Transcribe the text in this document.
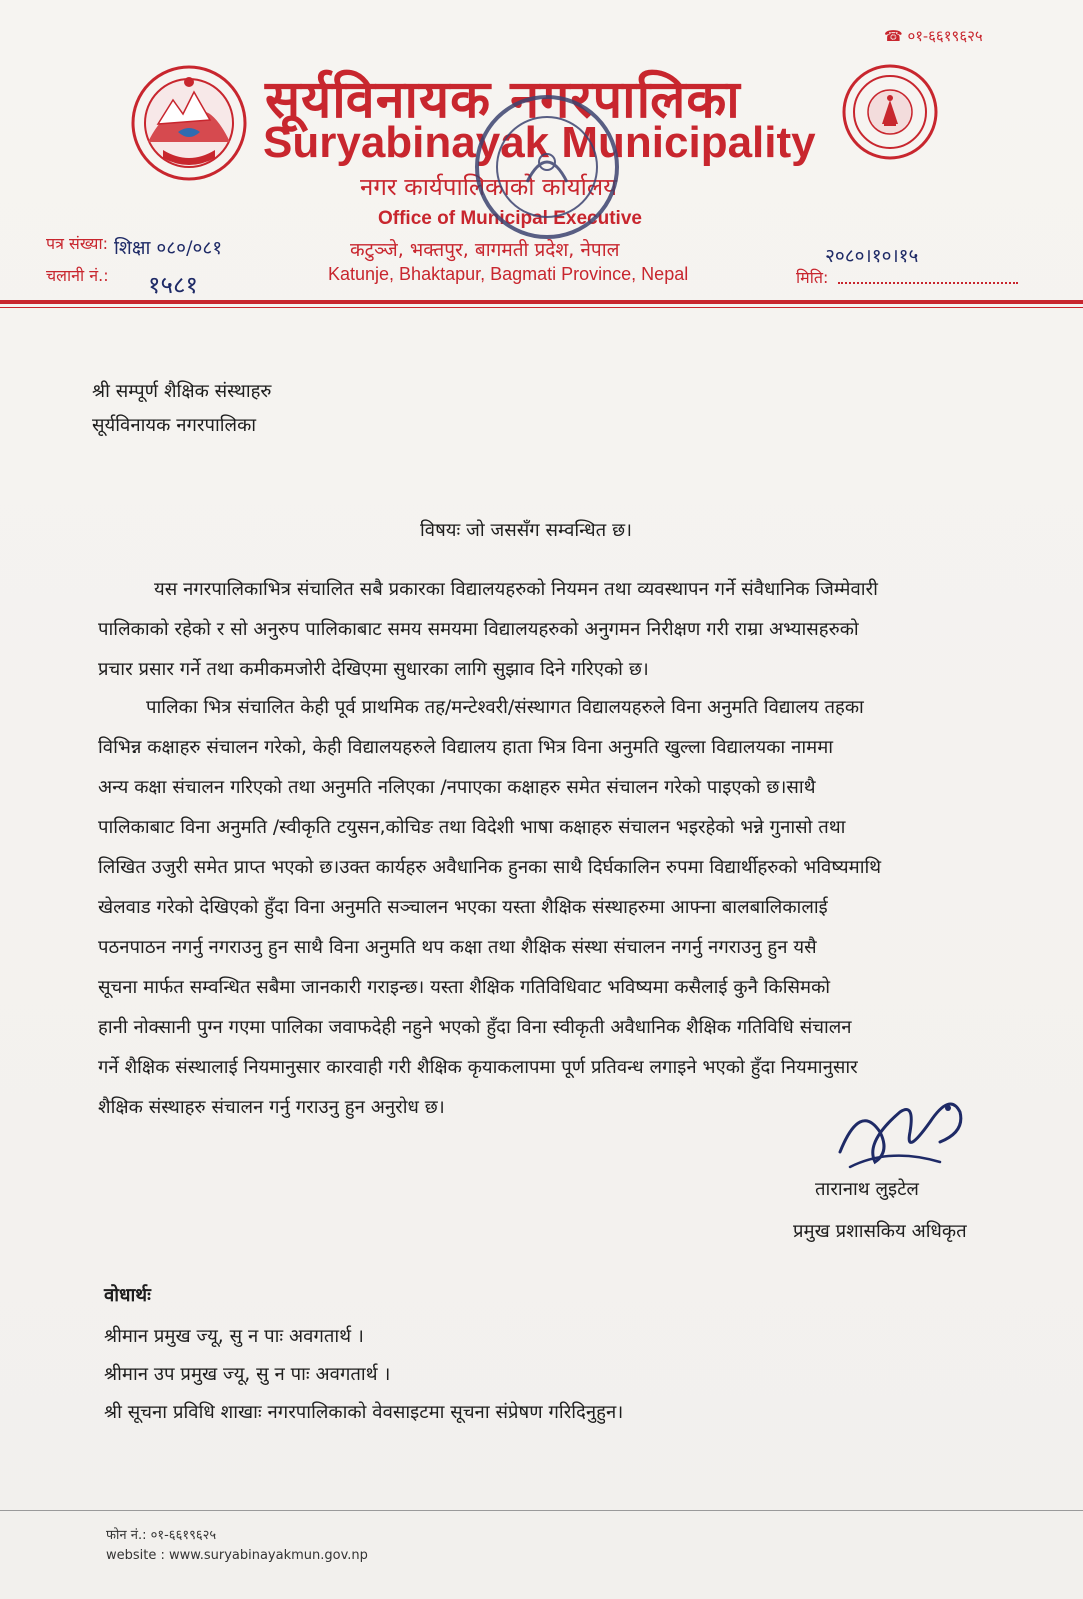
☎ ०१-६६१९६२५
सूर्यविनायक नगरपालिका
Suryabinayak Municipality
नगर कार्यपालिकाको कार्यालय
Office of Municipal Executive
कटुञ्जे, भक्तपुर, बागमती प्रदेश, नेपाल
Katunje, Bhaktapur, Bagmati Province, Nepal
पत्र संख्या: शिक्षा ०८०/०८१
चलानी नं.: १५८१
२०८०।१०।१५
मिति:
श्री सम्पूर्ण शैक्षिक संस्थाहरु
सूर्यविनायक नगरपालिका
विषयः जो जससँग सम्वन्धित छ।
यस नगरपालिकाभित्र संचालित सबै प्रकारका विद्यालयहरुको नियमन तथा व्यवस्थापन गर्ने संवैधानिक जिम्मेवारी
पालिकाको रहेको र सो अनुरुप पालिकाबाट समय समयमा विद्यालयहरुको अनुगमन निरीक्षण गरी राम्रा अभ्यासहरुको
प्रचार प्रसार गर्ने तथा कमीकमजोरी देखिएमा सुधारका लागि सुझाव दिने गरिएको छ।
पालिका भित्र संचालित केही पूर्व प्राथमिक तह/मन्टेश्वरी/संस्थागत विद्यालयहरुले विना अनुमति विद्यालय तहका
विभिन्न कक्षाहरु संचालन गरेको, केही विद्यालयहरुले विद्यालय हाता भित्र विना अनुमति खुल्ला विद्यालयका नाममा
अन्य कक्षा संचालन गरिएको तथा अनुमति नलिएका /नपाएका कक्षाहरु समेत संचालन गरेको पाइएको छ।साथै
पालिकाबाट विना अनुमति /स्वीकृति टयुसन,कोचिङ तथा विदेशी भाषा कक्षाहरु संचालन भइरहेको भन्ने गुनासो तथा
लिखित उजुरी समेत प्राप्त भएको छ।उक्त कार्यहरु अवैधानिक हुनका साथै दिर्घकालिन रुपमा विद्यार्थीहरुको भविष्यमाथि
खेलवाड गरेको देखिएको हुँदा विना अनुमति सञ्चालन भएका यस्ता शैक्षिक संस्थाहरुमा आफ्ना बालबालिकालाई
पठनपाठन नगर्नु नगराउनु हुन साथै विना अनुमति थप कक्षा तथा शैक्षिक संस्था संचालन नगर्नु नगराउनु हुन यसै
सूचना मार्फत सम्वन्धित सबैमा जानकारी गराइन्छ। यस्ता शैक्षिक गतिविधिवाट भविष्यमा कसैलाई कुनै किसिमको
हानी नोक्सानी पुग्न गएमा पालिका जवाफदेही नहुने भएको हुँदा विना स्वीकृती अवैधानिक शैक्षिक गतिविधि संचालन
गर्ने शैक्षिक संस्थालाई नियमानुसार कारवाही गरी शैक्षिक कृयाकलापमा पूर्ण प्रतिवन्ध लगाइने भएको हुँदा नियमानुसार
शैक्षिक संस्थाहरु संचालन गर्नु गराउनु हुन अनुरोध छ।
तारानाथ लुइटेल
प्रमुख प्रशासकिय अधिकृत
वोधार्थः
श्रीमान प्रमुख ज्यू, सु न पाः अवगतार्थ ।
श्रीमान उप प्रमुख ज्यू, सु न पाः अवगतार्थ ।
श्री सूचना प्रविधि शाखाः नगरपालिकाको वेवसाइटमा सूचना संप्रेषण गरिदिनुहुन।
फोन नं.: ०१-६६१९६२५
website : www.suryabinayakmun.gov.np
